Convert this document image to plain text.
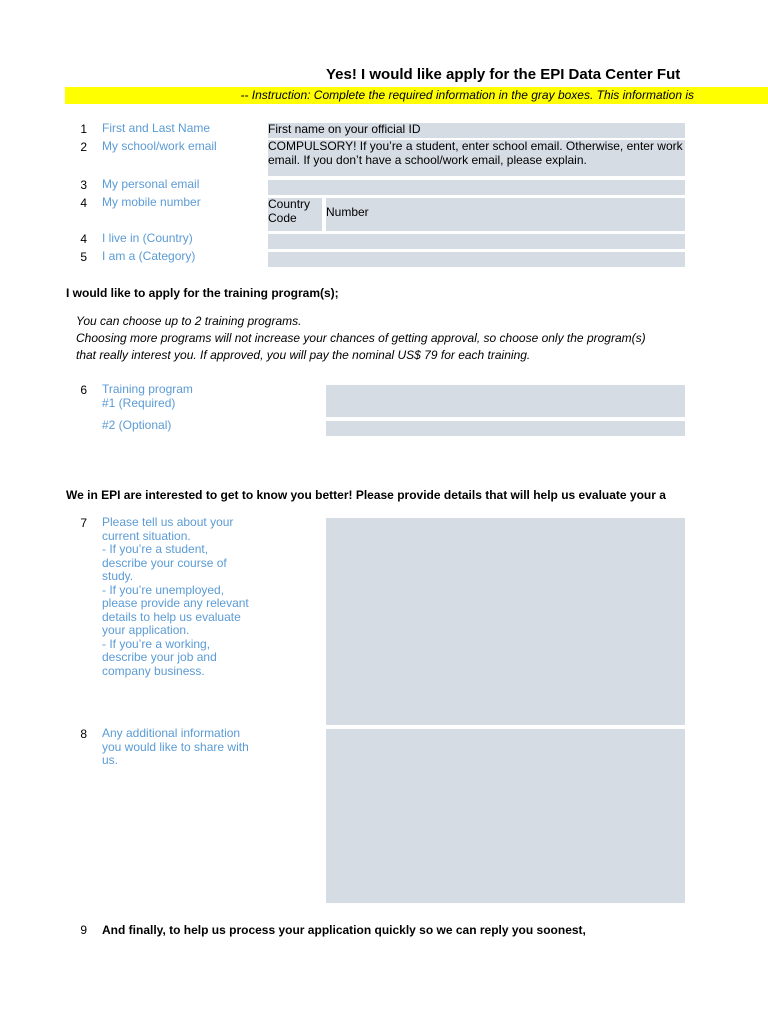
Yes! I would like apply for the EPI Data Center Fut
-- Instruction: Complete the required information in the gray boxes. This information is
1 First and Last Name	First name on your official ID
2 My school/work email	COMPULSORY! If you’re a student, enter school email. Otherwise, enter work email. If you don’t have a school/work email, please explain.
3 My personal email
4 My mobile number	Country Code	Number
4 I live in (Country)
5 I am a (Category)
I would like to apply for the training program(s);
You can choose up to 2 training programs.
Choosing more programs will not increase your chances of getting approval, so choose only the program(s)
that really interest you. If approved, you will pay the nominal US$ 79 for each training.
6 Training program
#1 (Required)
#2 (Optional)
We in EPI are interested to get to know you better! Please provide details that will help us evaluate your a
7 Please tell us about your
current situation.
- If you’re a student,
describe your course of
study.
- If you’re unemployed,
please provide any relevant
details to help us evaluate
your application.
- If you’re a working,
describe your job and
company business.
8 Any additional information
you would like to share with
us.
9 And finally, to help us process your application quickly so we can reply you soonest,
